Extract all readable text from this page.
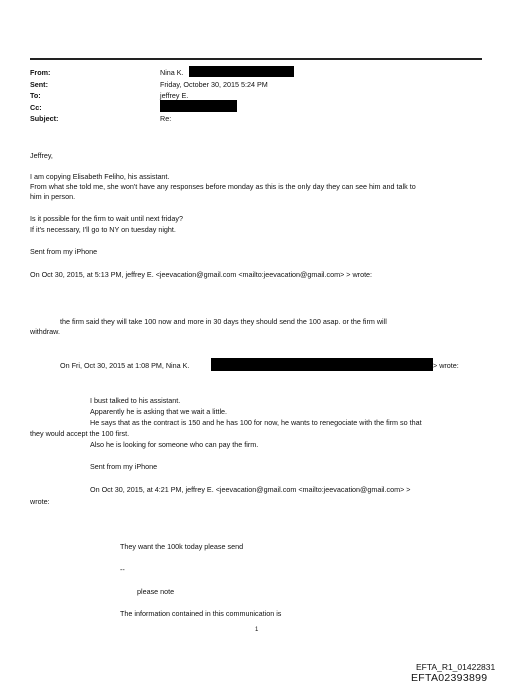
From:
Sent:
To:
Cc:
Subject:
Nina K.
Friday, October 30, 2015 5:24 PM
jeffrey E.
Re:
Jeffrey,
I am copying Elisabeth Feliho, his assistant.
From what she told me, she won't have any responses before monday as this is the only day they can see him and talk to
him in person.
Is it possible for the firm to wait until next friday?
If it's necessary, I'll go to NY on tuesday night.
Sent from my iPhone
On Oct 30, 2015, at 5:13 PM, jeffrey E. <jeevacation@gmail.com <mailto:jeevacation@gmail.com> > wrote:
the firm said they will take 100 now and more in 30 days they should send the 100 asap. or the firm will
withdraw.
On Fri, Oct 30, 2015 at 1:08 PM, Nina K.	> wrote:
I bust talked to his assistant.
Apparently he is asking that we wait a little.
He says that as the contract is 150 and he has 100 for now, he wants to renegociate with the firm so that
they would accept the 100 first.
Also he is looking for someone who can pay the firm.
Sent from my iPhone
On Oct 30, 2015, at 4:21 PM, jeffrey E. <jeevacation@gmail.com <mailto:jeevacation@gmail.com> >
wrote:
They want the 100k today please send
--
please note
The information contained in this communication is
1
EFTA_R1_01422831
EFTA02393899
